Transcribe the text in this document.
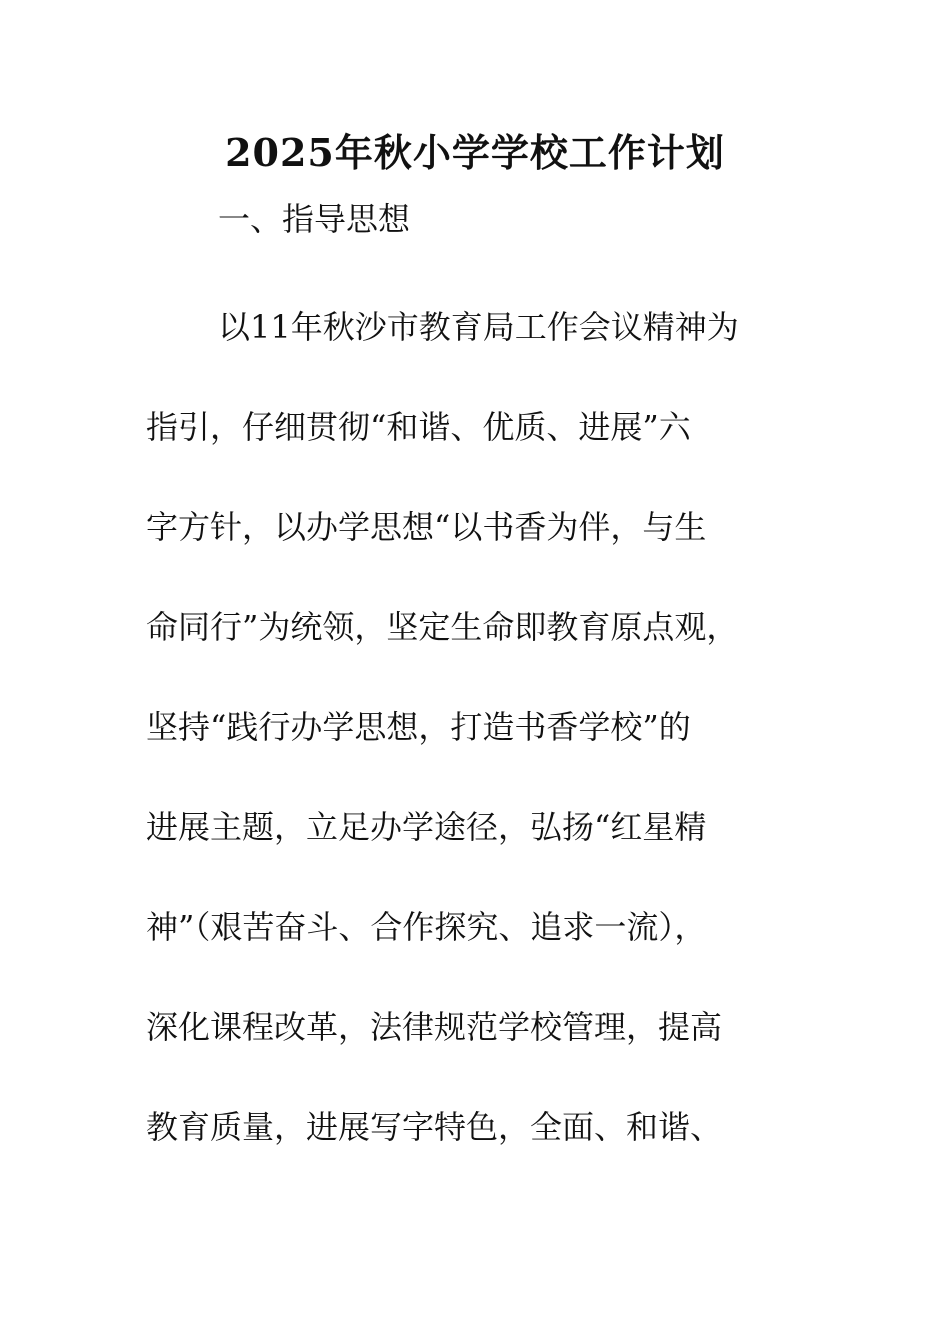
2025年秋小学学校工作计划
一、指导思想
以11年秋沙市教育局工作会议精神为
指引，仔细贯彻“和谐、优质、进展”六
字方针，以办学思想“以书香为伴，与生
命同行”为统领，坚定生命即教育原点观，
坚持“践行办学思想，打造书香学校”的
进展主题，立足办学途径，弘扬“红星精
神”（艰苦奋斗、合作探究、追求一流），
深化课程改革，法律规范学校管理，提高
教育质量，进展写字特色，全面、和谐、
